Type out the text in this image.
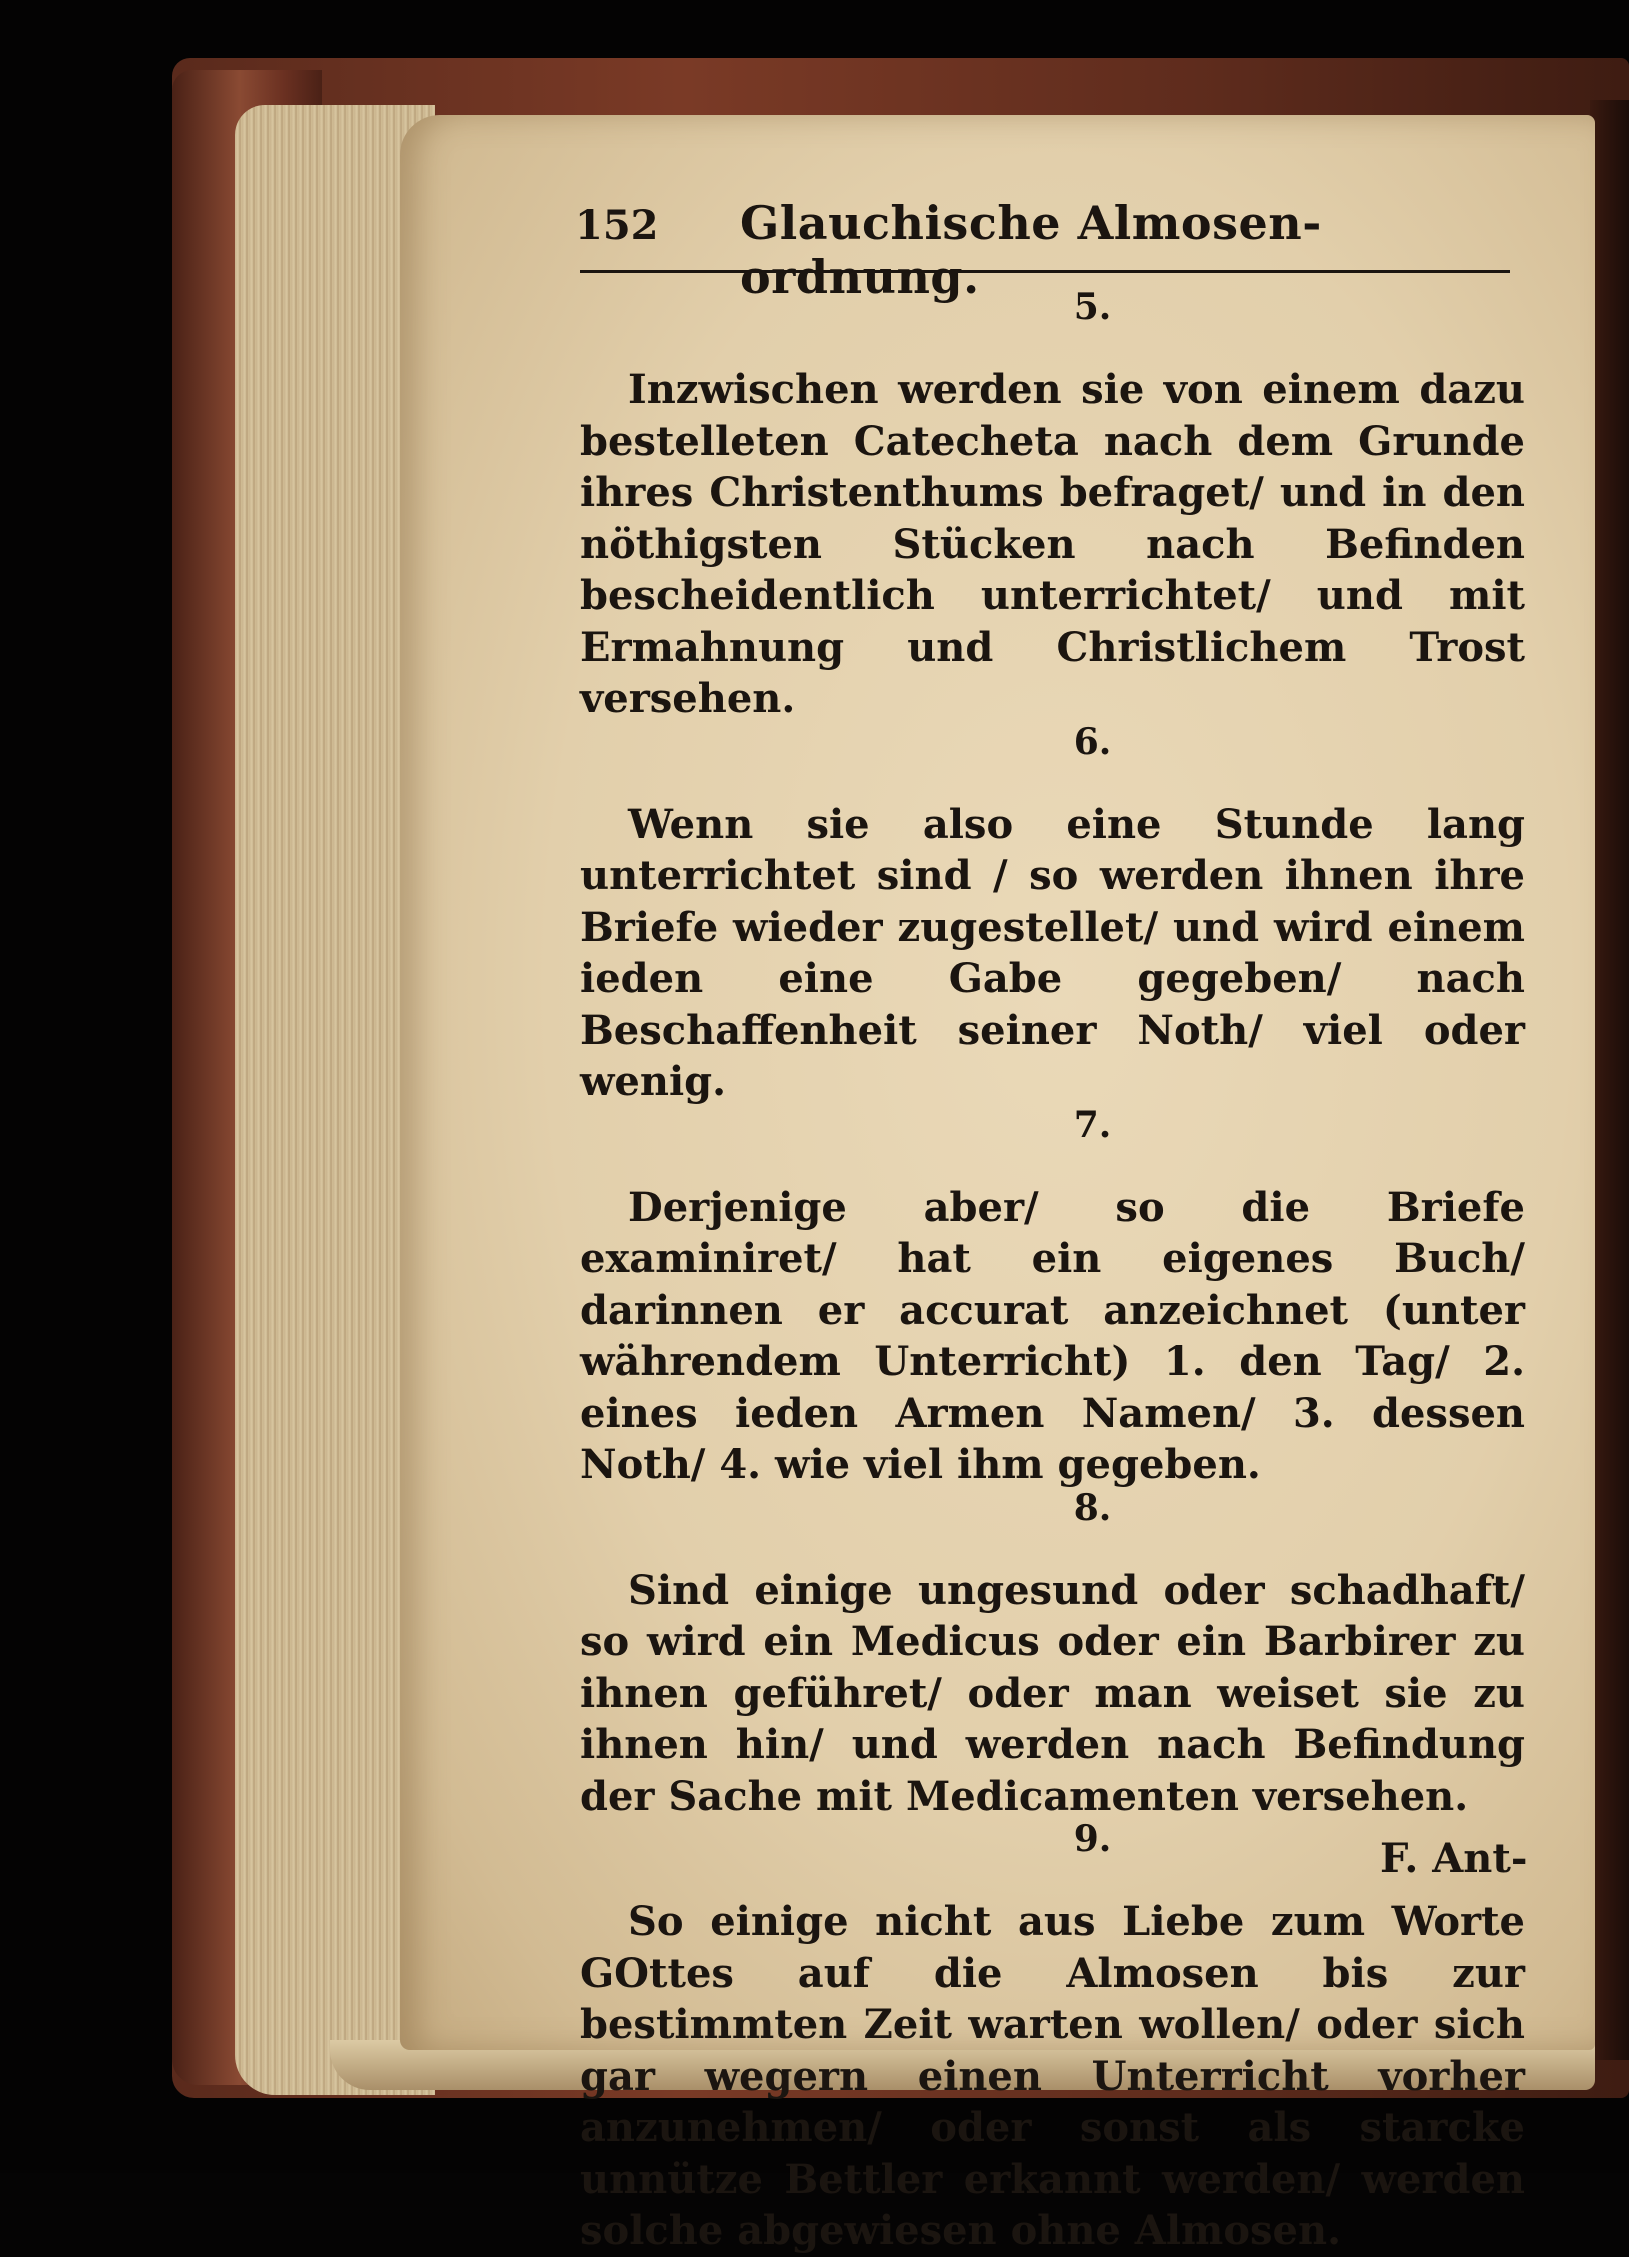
152 Glauchische Almosen-ordnung.
5.

Inzwischen werden sie von einem dazu bestelleten Catecheta nach dem Grunde ihres Christenthums befraget/ und in den nöthigsten Stücken nach Befinden bescheidentlich unterrichtet/ und mit Ermahnung und Christlichem Trost versehen.

6.

Wenn sie also eine Stunde lang unterrichtet sind / so werden ihnen ihre Briefe wieder zugestellet/ und wird einem ieden eine Gabe gegeben/ nach Beschaffenheit seiner Noth/ viel oder wenig.

7.

Derjenige aber/ so die Briefe examiniret/ hat ein eigenes Buch/ darinnen er accurat anzeichnet (unter währendem Unterricht) 1. den Tag/ 2. eines ieden Armen Namen/ 3. dessen Noth/ 4. wie viel ihm gegeben.

8.

Sind einige ungesund oder schadhaft/ so wird ein Medicus oder ein Barbirer zu ihnen geführet/ oder man weiset sie zu ihnen hin/ und werden nach Befindung der Sache mit Medicamenten versehen.

9.

So einige nicht aus Liebe zum Worte GOttes auf die Almosen bis zur bestimmten Zeit warten wollen/ oder sich gar wegern einen Unterricht vorher anzunehmen/ oder sonst als starcke unnütze Bettler erkannt werden/ werden solche abgewiesen ohne Almosen.

F. Ant-
